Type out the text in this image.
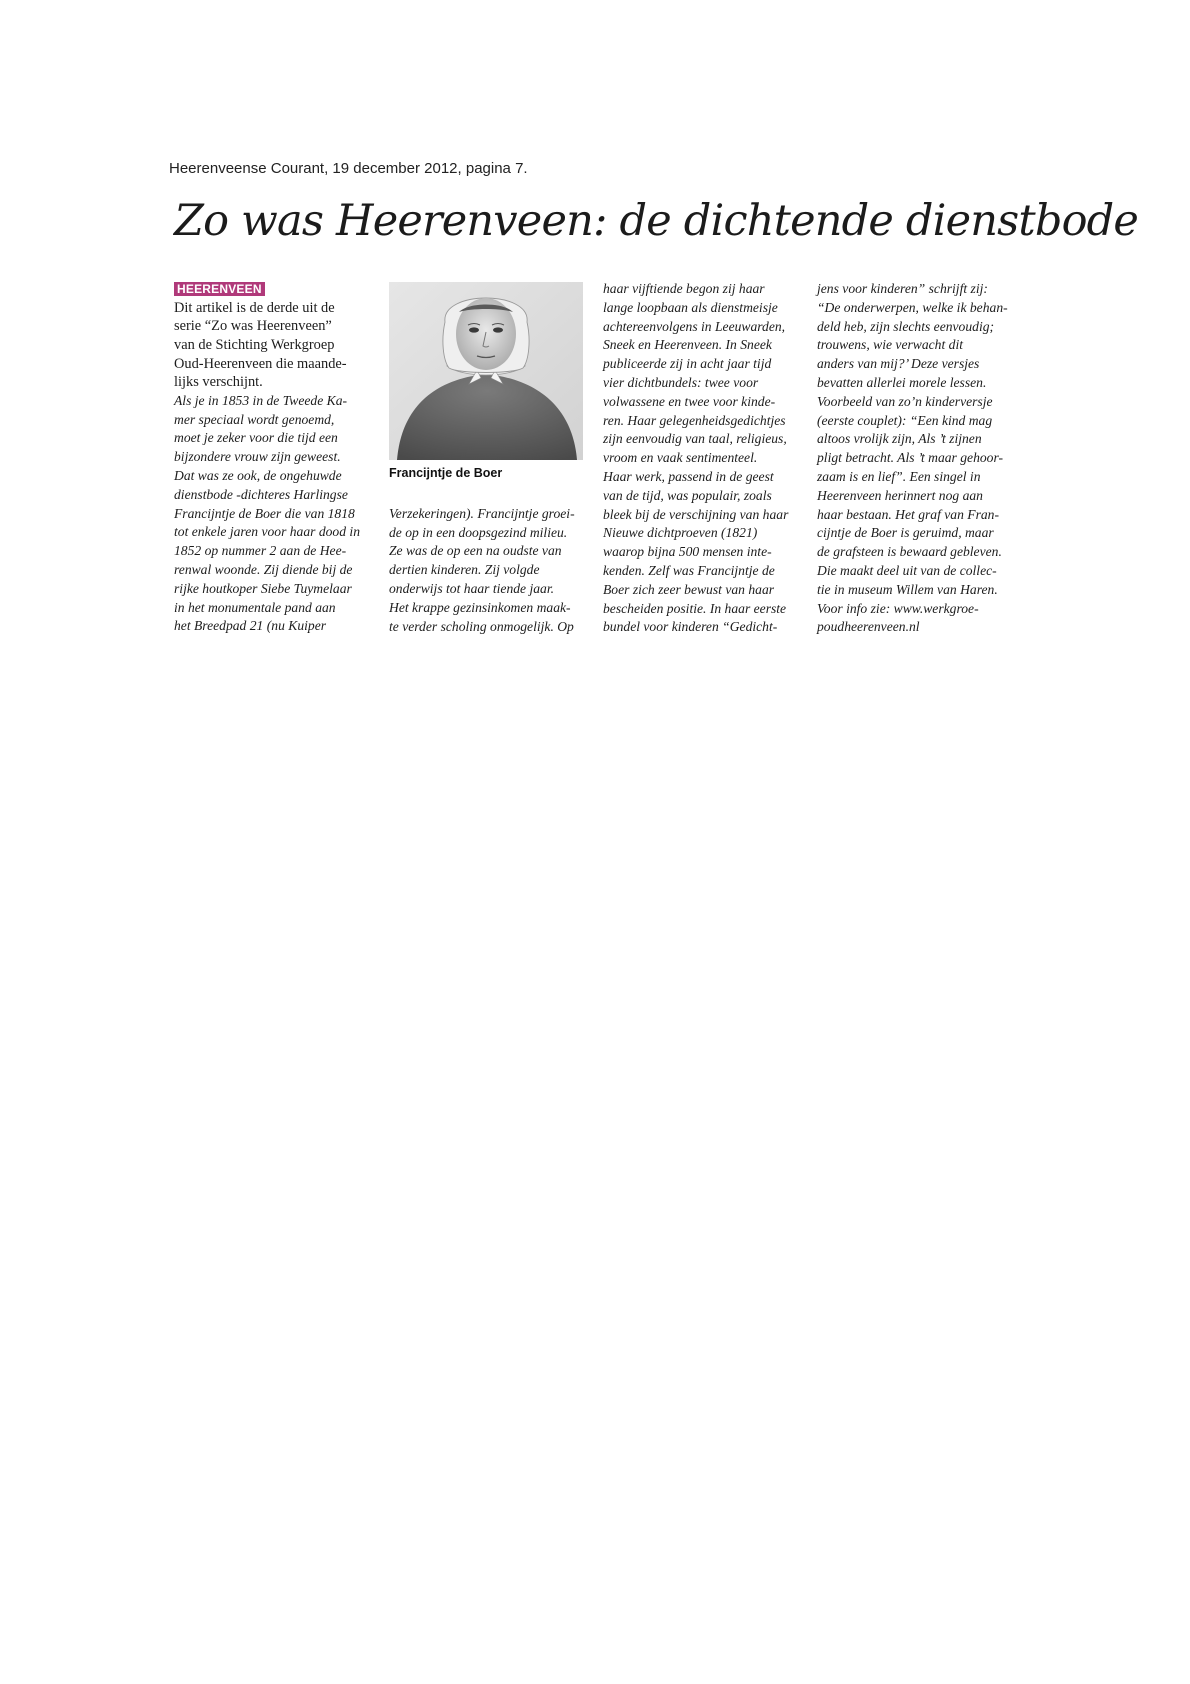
Heerenveense Courant, 19 december 2012, pagina 7.
Zo was Heerenveen: de dichtende dienstbode
HEERENVEEN

Dit artikel is de derde uit de
serie “Zo was Heerenveen”
van de Stichting Werkgroep
Oud-Heerenveen die maande-
lijks verschijnt.

Als je in 1853 in de Tweede Ka-
mer speciaal wordt genoemd,
moet je zeker voor die tijd een
bijzondere vrouw zijn geweest.
Dat was ze ook, de ongehuwde
dienstbode -dichteres Harlingse
Francijntje de Boer die van 1818
tot enkele jaren voor haar dood in
1852 op nummer 2 aan de Hee-
renwal woonde. Zij diende bij de
rijke houtkoper Siebe Tuymelaar
in het monumentale pand aan
het Breedpad 21 (nu Kuiper

Francijntje de Boer

Verzekeringen). Francijntje groei-
de op in een doopsgezind milieu.
Ze was de op een na oudste van
dertien kinderen. Zij volgde
onderwijs tot haar tiende jaar.
Het krappe gezinsinkomen maak-
te verder scholing onmogelijk. Op

haar vijftiende begon zij haar
lange loopbaan als dienstmeisje
achtereenvolgens in Leeuwarden,
Sneek en Heerenveen. In Sneek
publiceerde zij in acht jaar tijd
vier dichtbundels: twee voor
volwassene en twee voor kinde-
ren. Haar gelegenheidsgedichtjes
zijn eenvoudig van taal, religieus,
vroom en vaak sentimenteel.
Haar werk, passend in de geest
van de tijd, was populair, zoals
bleek bij de verschijning van haar
Nieuwe dichtproeven (1821)
waarop bijna 500 mensen inte-
kenden. Zelf was Francijntje de
Boer zich zeer bewust van haar
bescheiden positie. In haar eerste
bundel voor kinderen “Gedicht-

jens voor kinderen” schrijft zij:
“De onderwerpen, welke ik behan-
deld heb, zijn slechts eenvoudig;
trouwens, wie verwacht dit
anders van mij?’ Deze versjes
bevatten allerlei morele lessen.
Voorbeeld van zo’n kinderversje
(eerste couplet): “Een kind mag
altoos vrolijk zijn, Als ’t zijnen
pligt betracht. Als ’t maar gehoor-
zaam is en lief”. Een singel in
Heerenveen herinnert nog aan
haar bestaan. Het graf van Fran-
cijntje de Boer is geruimd, maar
de grafsteen is bewaard gebleven.
Die maakt deel uit van de collec-
tie in museum Willem van Haren.
Voor info zie: www.werkgroe-
poudheerenveen.nl
